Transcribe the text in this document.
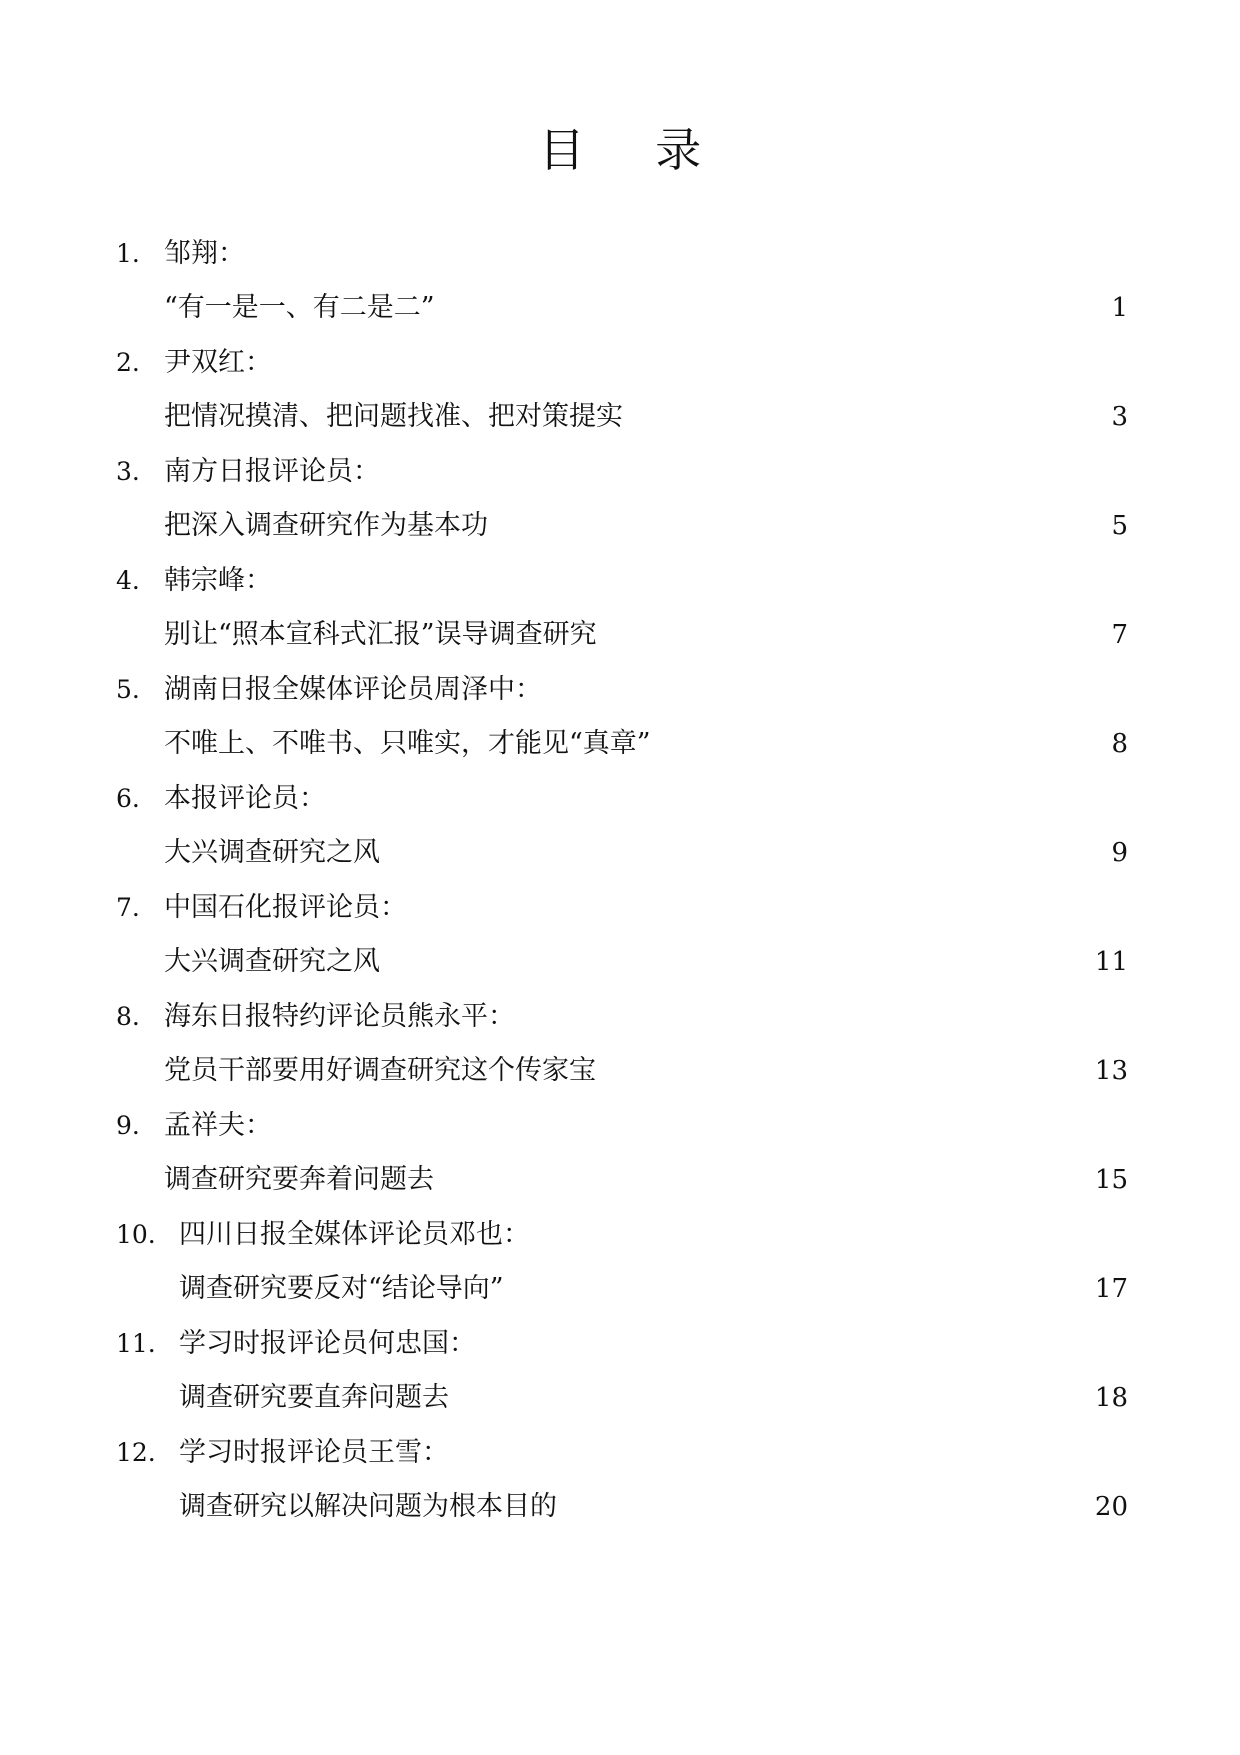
目 录
1. 邹翔：
“有一是一、有二是二”	1
2. 尹双红：
把情况摸清、把问题找准、把对策提实	3
3. 南方日报评论员：
把深入调查研究作为基本功	5
4. 韩宗峰：
别让“照本宣科式汇报”误导调查研究	7
5. 湖南日报全媒体评论员周泽中：
不唯上、不唯书、只唯实，才能见“真章”	8
6. 本报评论员：
大兴调查研究之风	9
7. 中国石化报评论员：
大兴调查研究之风	11
8. 海东日报特约评论员熊永平：
党员干部要用好调查研究这个传家宝	13
9. 孟祥夫：
调查研究要奔着问题去	15
10. 四川日报全媒体评论员邓也：
调查研究要反对“结论导向”	17
11. 学习时报评论员何忠国：
调查研究要直奔问题去	18
12. 学习时报评论员王雪：
调查研究以解决问题为根本目的	20
